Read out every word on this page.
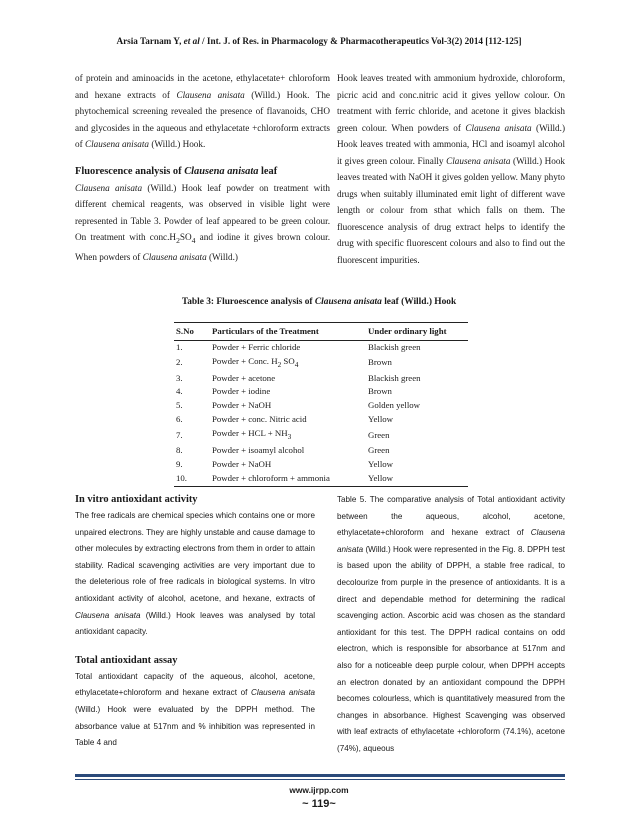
Arsia Tarnam Y, et al / Int. J. of Res. in Pharmacology & Pharmacotherapeutics Vol-3(2) 2014 [112-125]

of protein and aminoacids in the acetone, ethylacetate+ chloroform and hexane extracts of Clausena anisata (Willd.) Hook. The phytochemical screening revealed the presence of flavanoids, CHO and glycosides in the aqueous and ethylacetate +chloroform extracts of Clausena anisata (Willd.) Hook.

Fluorescence analysis of Clausena anisata leaf

Clausena anisata (Willd.) Hook leaf powder on treatment with different chemical reagents, was observed in visible light were represented in Table 3. Powder of leaf appeared to be green colour. On treatment with $conc.H_2SO_4$ and iodine it gives brown colour. When powders of Clausena anisata (Willd.)

Hook leaves treated with ammonium hydroxide, chloroform, picric acid and conc.nitric acid it gives yellow colour. On treatment with ferric chloride, and acetone it gives blackish green colour. When powders of Clausena anisata (Willd.) Hook leaves treated with ammonia, HCl and isoamyl alcohol it gives green colour. Finally Clausena anisata (Willd.) Hook leaves treated with NaOH it gives golden yellow. Many phyto drugs when suitably illuminated emit light of different wave length or colour from sthat which falls on them. The fluorescence analysis of drug extract helps to identify the drug with specific fluorescent colours and also to find out the fluorescent impurities.

Table 3: Fluroescence analysis of Clausena anisata leaf (Willd.) Hook
S.No	Particulars of the Treatment	Under ordinary light
1.	Powder + Ferric chloride	Blackish green
2.	Powder + Conc. $H_2$ $SO_4$	Brown
3.	Powder + acetone	Blackish green
4.	Powder + iodine	Brown
5.	Powder + NaOH	Golden yellow
6.	Powder + conc. Nitric acid	Yellow
7.	Powder + HCL + $NH_3$	Green
8.	Powder + isoamyl alcohol	Green
9.	Powder + NaOH	Yellow
10.	Powder + chloroform + ammonia	Yellow

In vitro antioxidant activity

The free radicals are chemical species which contains one or more unpaired electrons. They are highly unstable and cause damage to other molecules by extracting electrons from them in order to attain stability. Radical scavenging activities are very important due to the deleterious role of free radicals in biological systems. In vitro antioxidant activity of alcohol, acetone, and hexane, extracts of Clausena anisata (Willd.) Hook leaves was analysed by total antioxidant capacity.

Total antioxidant assay

Total antioxidant capacity of the aqueous, alcohol, acetone, ethylacetate+chloroform and hexane extract of Clausena anisata (Willd.) Hook were evaluated by the DPPH method. The absorbance value at 517nm and % inhibition was represented in Table 4 and

Table 5. The comparative analysis of Total antioxidant activity between the aqueous, alcohol, acetone, ethylacetate+chloroform and hexane extract of Clausena anisata (Willd.) Hook were represented in the Fig. 8. DPPH test is based upon the ability of DPPH, a stable free radical, to decolourize from purple in the presence of antioxidants. It is a direct and dependable method for determining the radical scavenging action. Ascorbic acid was chosen as the standard antioxidant for this test. The DPPH radical contains on odd electron, which is responsible for absorbance at 517nm and also for a noticeable deep purple colour, when DPPH accepts an electron donated by an antioxidant compound the DPPH becomes colourless, which is quantitatively measured from the changes in absorbance. Highest Scavenging was observed with leaf extracts of ethylacetate +chloroform (74.1%), acetone (74%), aqueous

www.ijrpp.com
~ 119~
